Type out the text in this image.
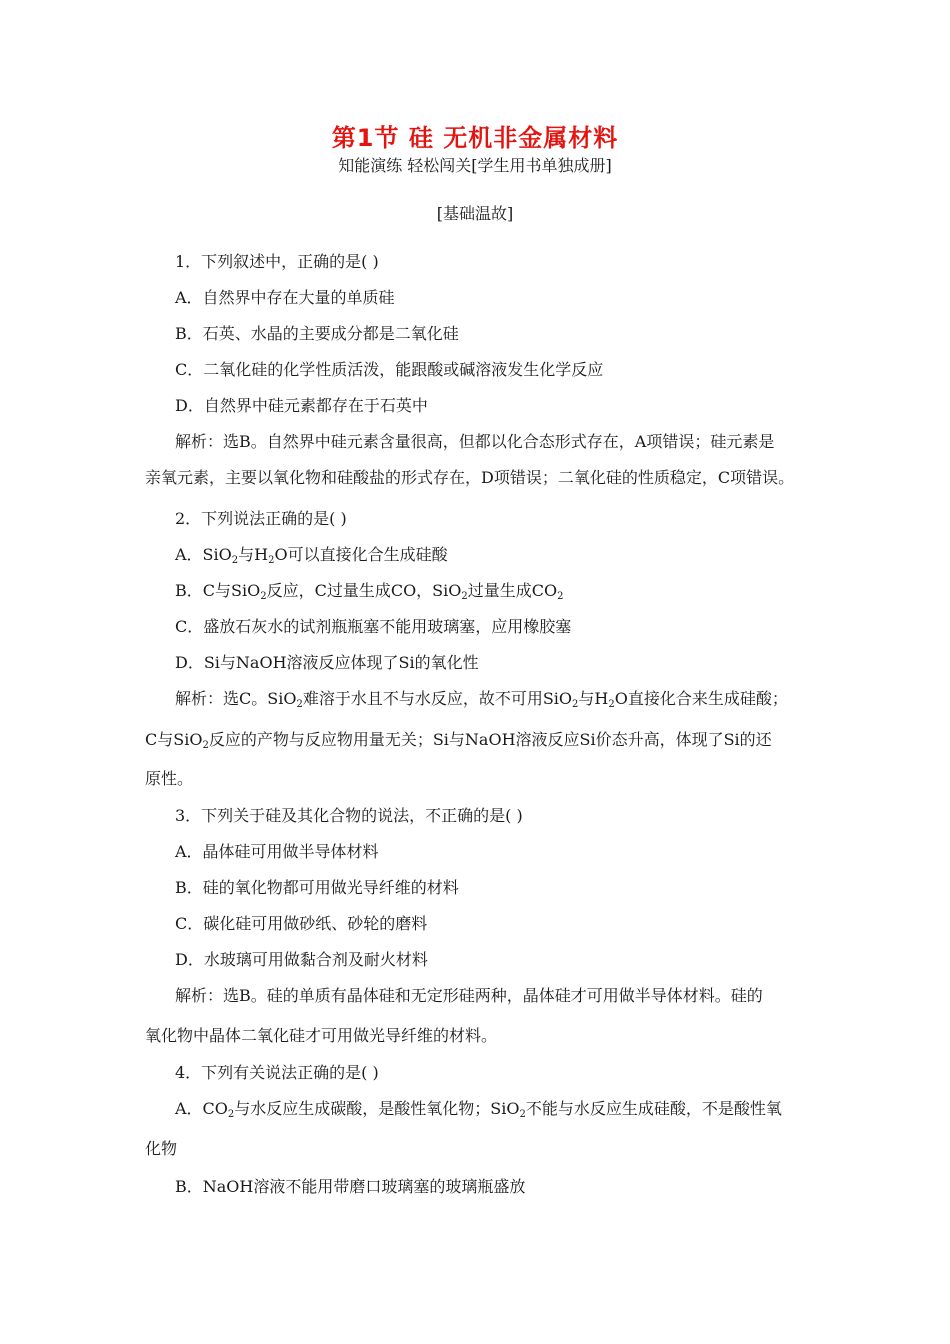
第1节 硅 无机非金属材料
知能演练 轻松闯关[学生用书单独成册]
[基础温故]
1．下列叙述中，正确的是( )
A．自然界中存在大量的单质硅
B．石英、水晶的主要成分都是二氧化硅
C．二氧化硅的化学性质活泼，能跟酸或碱溶液发生化学反应
D．自然界中硅元素都存在于石英中
解析：选B。自然界中硅元素含量很高，但都以化合态形式存在，A项错误；硅元素是
亲氧元素，主要以氧化物和硅酸盐的形式存在，D项错误；二氧化硅的性质稳定，C项错误。
2．下列说法正确的是( )
A．SiO$_2$与$H_2O$可以直接化合生成硅酸
B．C与SiO$_2$反应，C过量生成CO，SiO$_2$过量生成$CO_2$
C．盛放石灰水的试剂瓶瓶塞不能用玻璃塞，应用橡胶塞
D．Si与NaOH溶液反应体现了Si的氧化性
解析：选C。SiO$_2$难溶于水且不与水反应，故不可用SiO$_2$与$H_2O$直接化合来生成硅酸；
C与SiO$_2$反应的产物与反应物用量无关；Si与NaOH溶液反应Si价态升高，体现了Si的还
原性。
3．下列关于硅及其化合物的说法，不正确的是( )
A．晶体硅可用做半导体材料
B．硅的氧化物都可用做光导纤维的材料
C．碳化硅可用做砂纸、砂轮的磨料
D．水玻璃可用做黏合剂及耐火材料
解析：选B。硅的单质有晶体硅和无定形硅两种，晶体硅才可用做半导体材料。硅的
氧化物中晶体二氧化硅才可用做光导纤维的材料。
4．下列有关说法正确的是( )
A．$CO_2$与水反应生成碳酸，是酸性氧化物；SiO$_2$不能与水反应生成硅酸，不是酸性氧
化物
B．NaOH溶液不能用带磨口玻璃塞的玻璃瓶盛放
